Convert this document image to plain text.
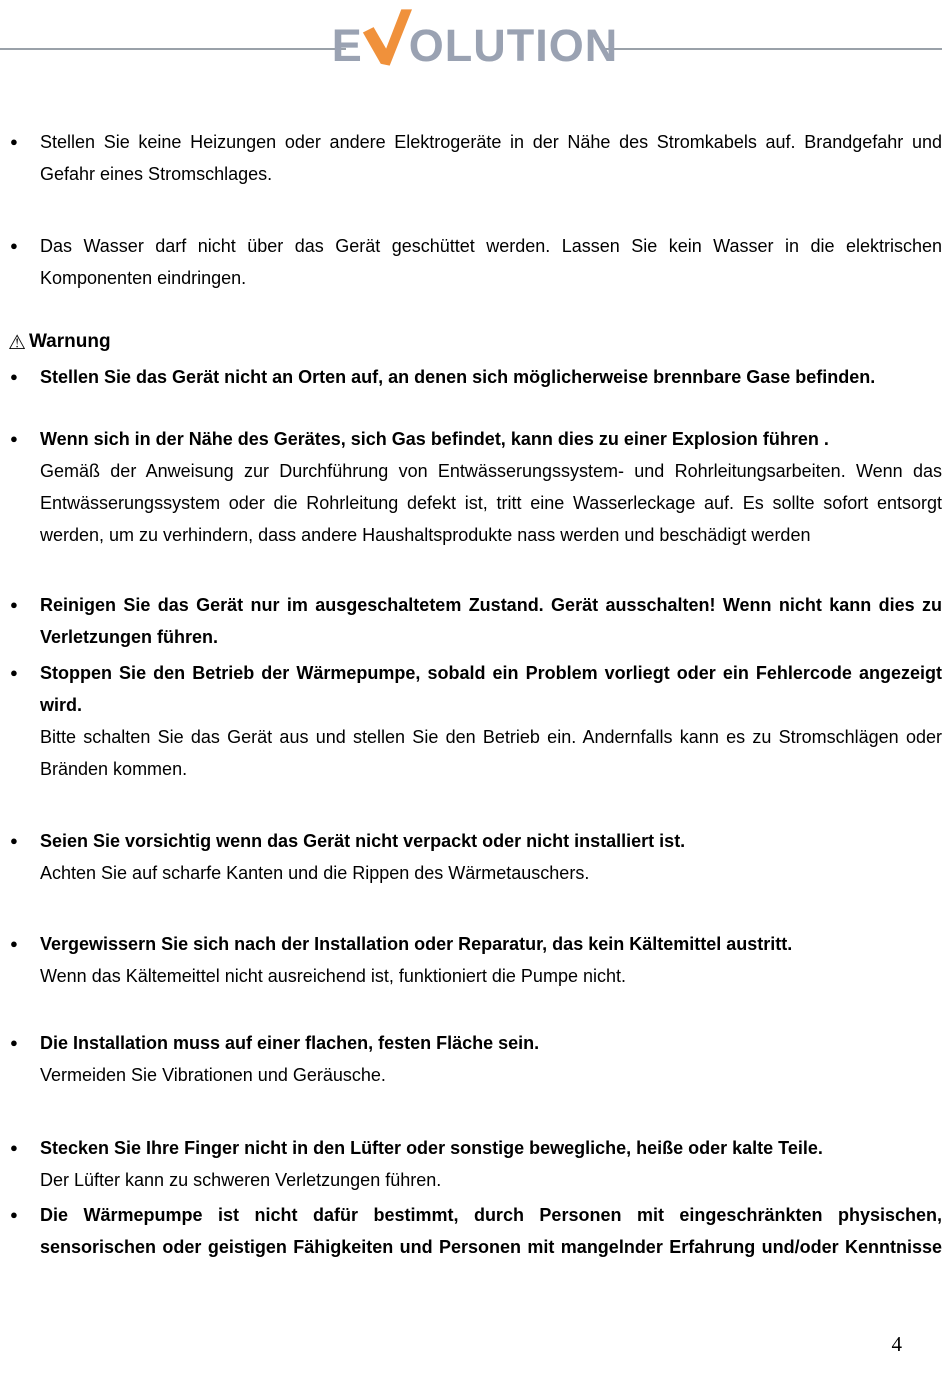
E OLUTION
● Stellen Sie keine Heizungen oder andere Elektrogeräte in der Nähe des Stromkabels auf. Brandgefahr und Gefahr eines Stromschlages.
● Das Wasser darf nicht über das Gerät geschüttet werden. Lassen Sie kein Wasser in die elektrischen Komponenten eindringen.
⚠ Warnung
● Stellen Sie das Gerät nicht an Orten auf, an denen sich möglicherweise brennbare Gase befinden.
● Wenn sich in der Nähe des Gerätes, sich Gas befindet, kann dies zu einer Explosion führen .
Gemäß der Anweisung zur Durchführung von Entwässerungssystem- und Rohrleitungsarbeiten. Wenn das Entwässerungssystem oder die Rohrleitung defekt ist, tritt eine Wasserleckage auf. Es sollte sofort entsorgt werden, um zu verhindern, dass andere Haushaltsprodukte nass werden und beschädigt werden
● Reinigen Sie das Gerät nur im ausgeschaltetem Zustand. Gerät ausschalten! Wenn nicht kann dies zu Verletzungen führen.
● Stoppen Sie den Betrieb der Wärmepumpe, sobald ein Problem vorliegt oder ein Fehlercode angezeigt wird.
Bitte schalten Sie das Gerät aus und stellen Sie den Betrieb ein. Andernfalls kann es zu Stromschlägen oder Bränden kommen.
● Seien Sie vorsichtig wenn das Gerät nicht verpackt oder nicht installiert ist.
Achten Sie auf scharfe Kanten und die Rippen des Wärmetauschers.
● Vergewissern Sie sich nach der Installation oder Reparatur, das kein Kältemittel austritt.
Wenn das Kältemeittel nicht ausreichend ist, funktioniert die Pumpe nicht.
● Die Installation muss auf einer flachen, festen Fläche sein.
Vermeiden Sie Vibrationen und Geräusche.
● Stecken Sie Ihre Finger nicht in den Lüfter oder sonstige bewegliche, heiße oder kalte Teile.
Der Lüfter kann zu schweren Verletzungen führen.
● Die Wärmepumpe ist nicht dafür bestimmt, durch Personen mit eingeschränkten physischen, sensorischen oder geistigen Fähigkeiten und Personen mit mangelnder Erfahrung und/oder Kenntnisse
4
